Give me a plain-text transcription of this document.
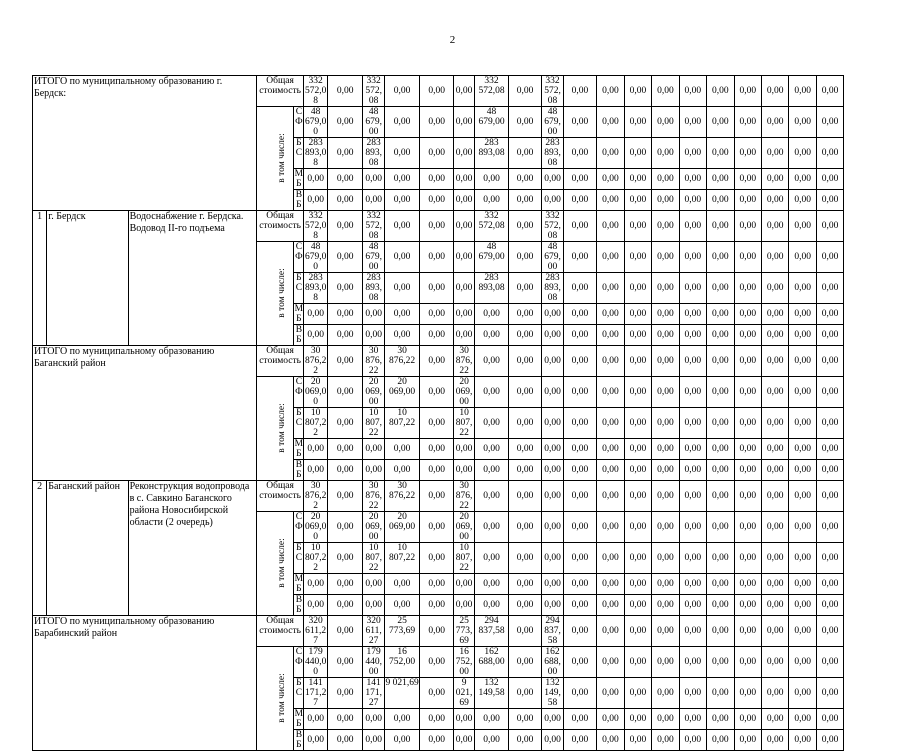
2
ИТОГО по муниципальному образованию г. Бердск:			Общая стоимость		332 572,08	0,00	332 572,08	0,00	0,00	0,00	332 572,08	0,00	332 572,08	0,00	0,00	0,00	0,00	0,00	0,00	0,00	0,00	0,00	0,00
			в том числе:	СФ	48 679,00	0,00	48 679,00	0,00	0,00	0,00	48 679,00	0,00	48 679,00	0,00	0,00	0,00	0,00	0,00	0,00	0,00	0,00	0,00	0,00
				БС	283 893,08	0,00	283 893,08	0,00	0,00	0,00	283 893,08	0,00	283 893,08	0,00	0,00	0,00	0,00	0,00	0,00	0,00	0,00	0,00	0,00
				МБ	0,00	0,00	0,00	0,00	0,00	0,00	0,00	0,00	0,00	0,00	0,00	0,00	0,00	0,00	0,00	0,00	0,00	0,00	0,00
				ВБ	0,00	0,00	0,00	0,00	0,00	0,00	0,00	0,00	0,00	0,00	0,00	0,00	0,00	0,00	0,00	0,00	0,00	0,00	0,00
1	г. Бердск	Водоснабжение г. Бердска. Водовод II-го подъема	Общая стоимость		332 572,08	0,00	332 572,08	0,00	0,00	0,00	332 572,08	0,00	332 572,08	0,00	0,00	0,00	0,00	0,00	0,00	0,00	0,00	0,00	0,00
			в том числе:	СФ	48 679,00	0,00	48 679,00	0,00	0,00	0,00	48 679,00	0,00	48 679,00	0,00	0,00	0,00	0,00	0,00	0,00	0,00	0,00	0,00	0,00
				БС	283 893,08	0,00	283 893,08	0,00	0,00	0,00	283 893,08	0,00	283 893,08	0,00	0,00	0,00	0,00	0,00	0,00	0,00	0,00	0,00	0,00
				МБ	0,00	0,00	0,00	0,00	0,00	0,00	0,00	0,00	0,00	0,00	0,00	0,00	0,00	0,00	0,00	0,00	0,00	0,00	0,00
				ВБ	0,00	0,00	0,00	0,00	0,00	0,00	0,00	0,00	0,00	0,00	0,00	0,00	0,00	0,00	0,00	0,00	0,00	0,00	0,00
ИТОГО по муниципальному образованию Баганский район			Общая стоимость		30 876,22	0,00	30 876,22	30 876,22	0,00	30 876,22	0,00	0,00	0,00	0,00	0,00	0,00	0,00	0,00	0,00	0,00	0,00	0,00	0,00
			в том числе:	СФ	20 069,00	0,00	20 069,00	20 069,00	0,00	20 069,00	0,00	0,00	0,00	0,00	0,00	0,00	0,00	0,00	0,00	0,00	0,00	0,00	0,00
				БС	10 807,22	0,00	10 807,22	10 807,22	0,00	10 807,22	0,00	0,00	0,00	0,00	0,00	0,00	0,00	0,00	0,00	0,00	0,00	0,00	0,00
				МБ	0,00	0,00	0,00	0,00	0,00	0,00	0,00	0,00	0,00	0,00	0,00	0,00	0,00	0,00	0,00	0,00	0,00	0,00	0,00
				ВБ	0,00	0,00	0,00	0,00	0,00	0,00	0,00	0,00	0,00	0,00	0,00	0,00	0,00	0,00	0,00	0,00	0,00	0,00	0,00
2	Баганский район	Реконструкция водопровода в с. Савкино Баганского района Новосибирской области (2 очередь)	Общая стоимость		30 876,22	0,00	30 876,22	30 876,22	0,00	30 876,22	0,00	0,00	0,00	0,00	0,00	0,00	0,00	0,00	0,00	0,00	0,00	0,00	0,00
			в том числе:	СФ	20 069,00	0,00	20 069,00	20 069,00	0,00	20 069,00	0,00	0,00	0,00	0,00	0,00	0,00	0,00	0,00	0,00	0,00	0,00	0,00	0,00
				БС	10 807,22	0,00	10 807,22	10 807,22	0,00	10 807,22	0,00	0,00	0,00	0,00	0,00	0,00	0,00	0,00	0,00	0,00	0,00	0,00	0,00
				МБ	0,00	0,00	0,00	0,00	0,00	0,00	0,00	0,00	0,00	0,00	0,00	0,00	0,00	0,00	0,00	0,00	0,00	0,00	0,00
				ВБ	0,00	0,00	0,00	0,00	0,00	0,00	0,00	0,00	0,00	0,00	0,00	0,00	0,00	0,00	0,00	0,00	0,00	0,00	0,00
ИТОГО по муниципальному образованию Барабинский район			Общая стоимость		320 611,27	0,00	320 611,27	25 773,69	0,00	25 773,69	294 837,58	0,00	294 837,58	0,00	0,00	0,00	0,00	0,00	0,00	0,00	0,00	0,00	0,00
			в том числе:	СФ	179 440,00	0,00	179 440,00	16 752,00	0,00	16 752,00	162 688,00	0,00	162 688,00	0,00	0,00	0,00	0,00	0,00	0,00	0,00	0,00	0,00	0,00
				БС	141 171,27	0,00	141 171,27	9 021,69	0,00	9 021,69	132 149,58	0,00	132 149,58	0,00	0,00	0,00	0,00	0,00	0,00	0,00	0,00	0,00	0,00
				МБ	0,00	0,00	0,00	0,00	0,00	0,00	0,00	0,00	0,00	0,00	0,00	0,00	0,00	0,00	0,00	0,00	0,00	0,00	0,00
				ВБ	0,00	0,00	0,00	0,00	0,00	0,00	0,00	0,00	0,00	0,00	0,00	0,00	0,00	0,00	0,00	0,00	0,00	0,00	0,00
